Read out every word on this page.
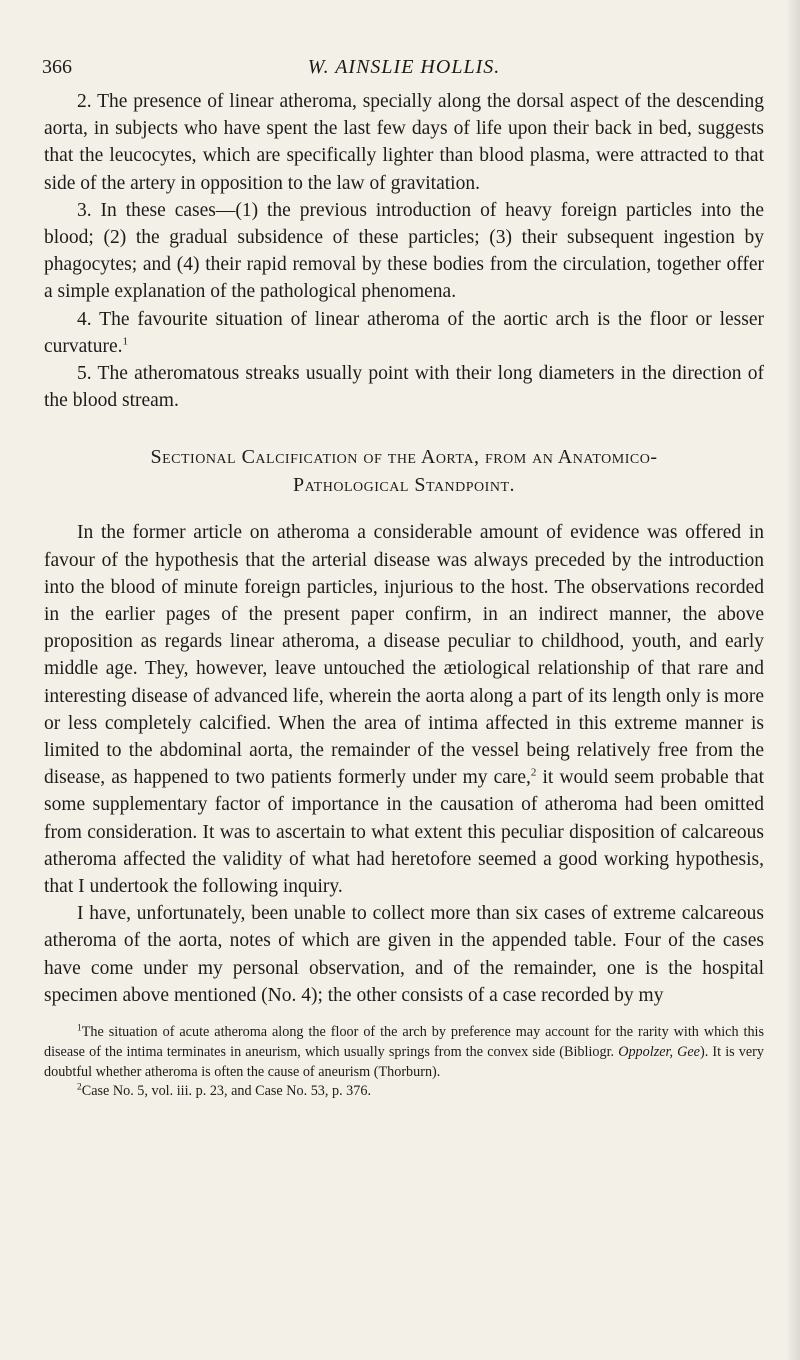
366	W. AINSLIE HOLLIS.

2. The presence of linear atheroma, specially along the dorsal aspect of the descending aorta, in subjects who have spent the last few days of life upon their back in bed, suggests that the leucocytes, which are specifically lighter than blood plasma, were attracted to that side of the artery in opposition to the law of gravitation.

3. In these cases—(1) the previous introduction of heavy foreign particles into the blood; (2) the gradual subsidence of these particles; (3) their subsequent ingestion by phagocytes; and (4) their rapid removal by these bodies from the circulation, together offer a simple explanation of the pathological phenomena.

4. The favourite situation of linear atheroma of the aortic arch is the floor or lesser curvature.$^1$

5. The atheromatous streaks usually point with their long diameters in the direction of the blood stream.

Sectional Calcification of the Aorta, from an Anatomico-
Pathological Standpoint.

In the former article on atheroma a considerable amount of evidence was offered in favour of the hypothesis that the arterial disease was always preceded by the introduction into the blood of minute foreign particles, injurious to the host. The observations recorded in the earlier pages of the present paper confirm, in an indirect manner, the above proposition as regards linear atheroma, a disease peculiar to childhood, youth, and early middle age. They, however, leave untouched the ætiological relationship of that rare and interesting disease of advanced life, wherein the aorta along a part of its length only is more or less completely calcified. When the area of intima affected in this extreme manner is limited to the abdominal aorta, the remainder of the vessel being relatively free from the disease, as happened to two patients formerly under my care,$^2$ it would seem probable that some supplementary factor of importance in the causation of atheroma had been omitted from consideration. It was to ascertain to what extent this peculiar disposition of calcareous atheroma affected the validity of what had heretofore seemed a good working hypothesis, that I undertook the following inquiry.

I have, unfortunately, been unable to collect more than six cases of extreme calcareous atheroma of the aorta, notes of which are given in the appended table. Four of the cases have come under my personal observation, and of the remainder, one is the hospital specimen above mentioned (No. 4); the other consists of a case recorded by my

$^1$The situation of acute atheroma along the floor of the arch by preference may account for the rarity with which this disease of the intima terminates in aneurism, which usually springs from the convex side (Bibliogr. Oppolzer, Gee). It is very doubtful whether atheroma is often the cause of aneurism (Thorburn).

$^2$Case No. 5, vol. iii. p. 23, and Case No. 53, p. 376.
